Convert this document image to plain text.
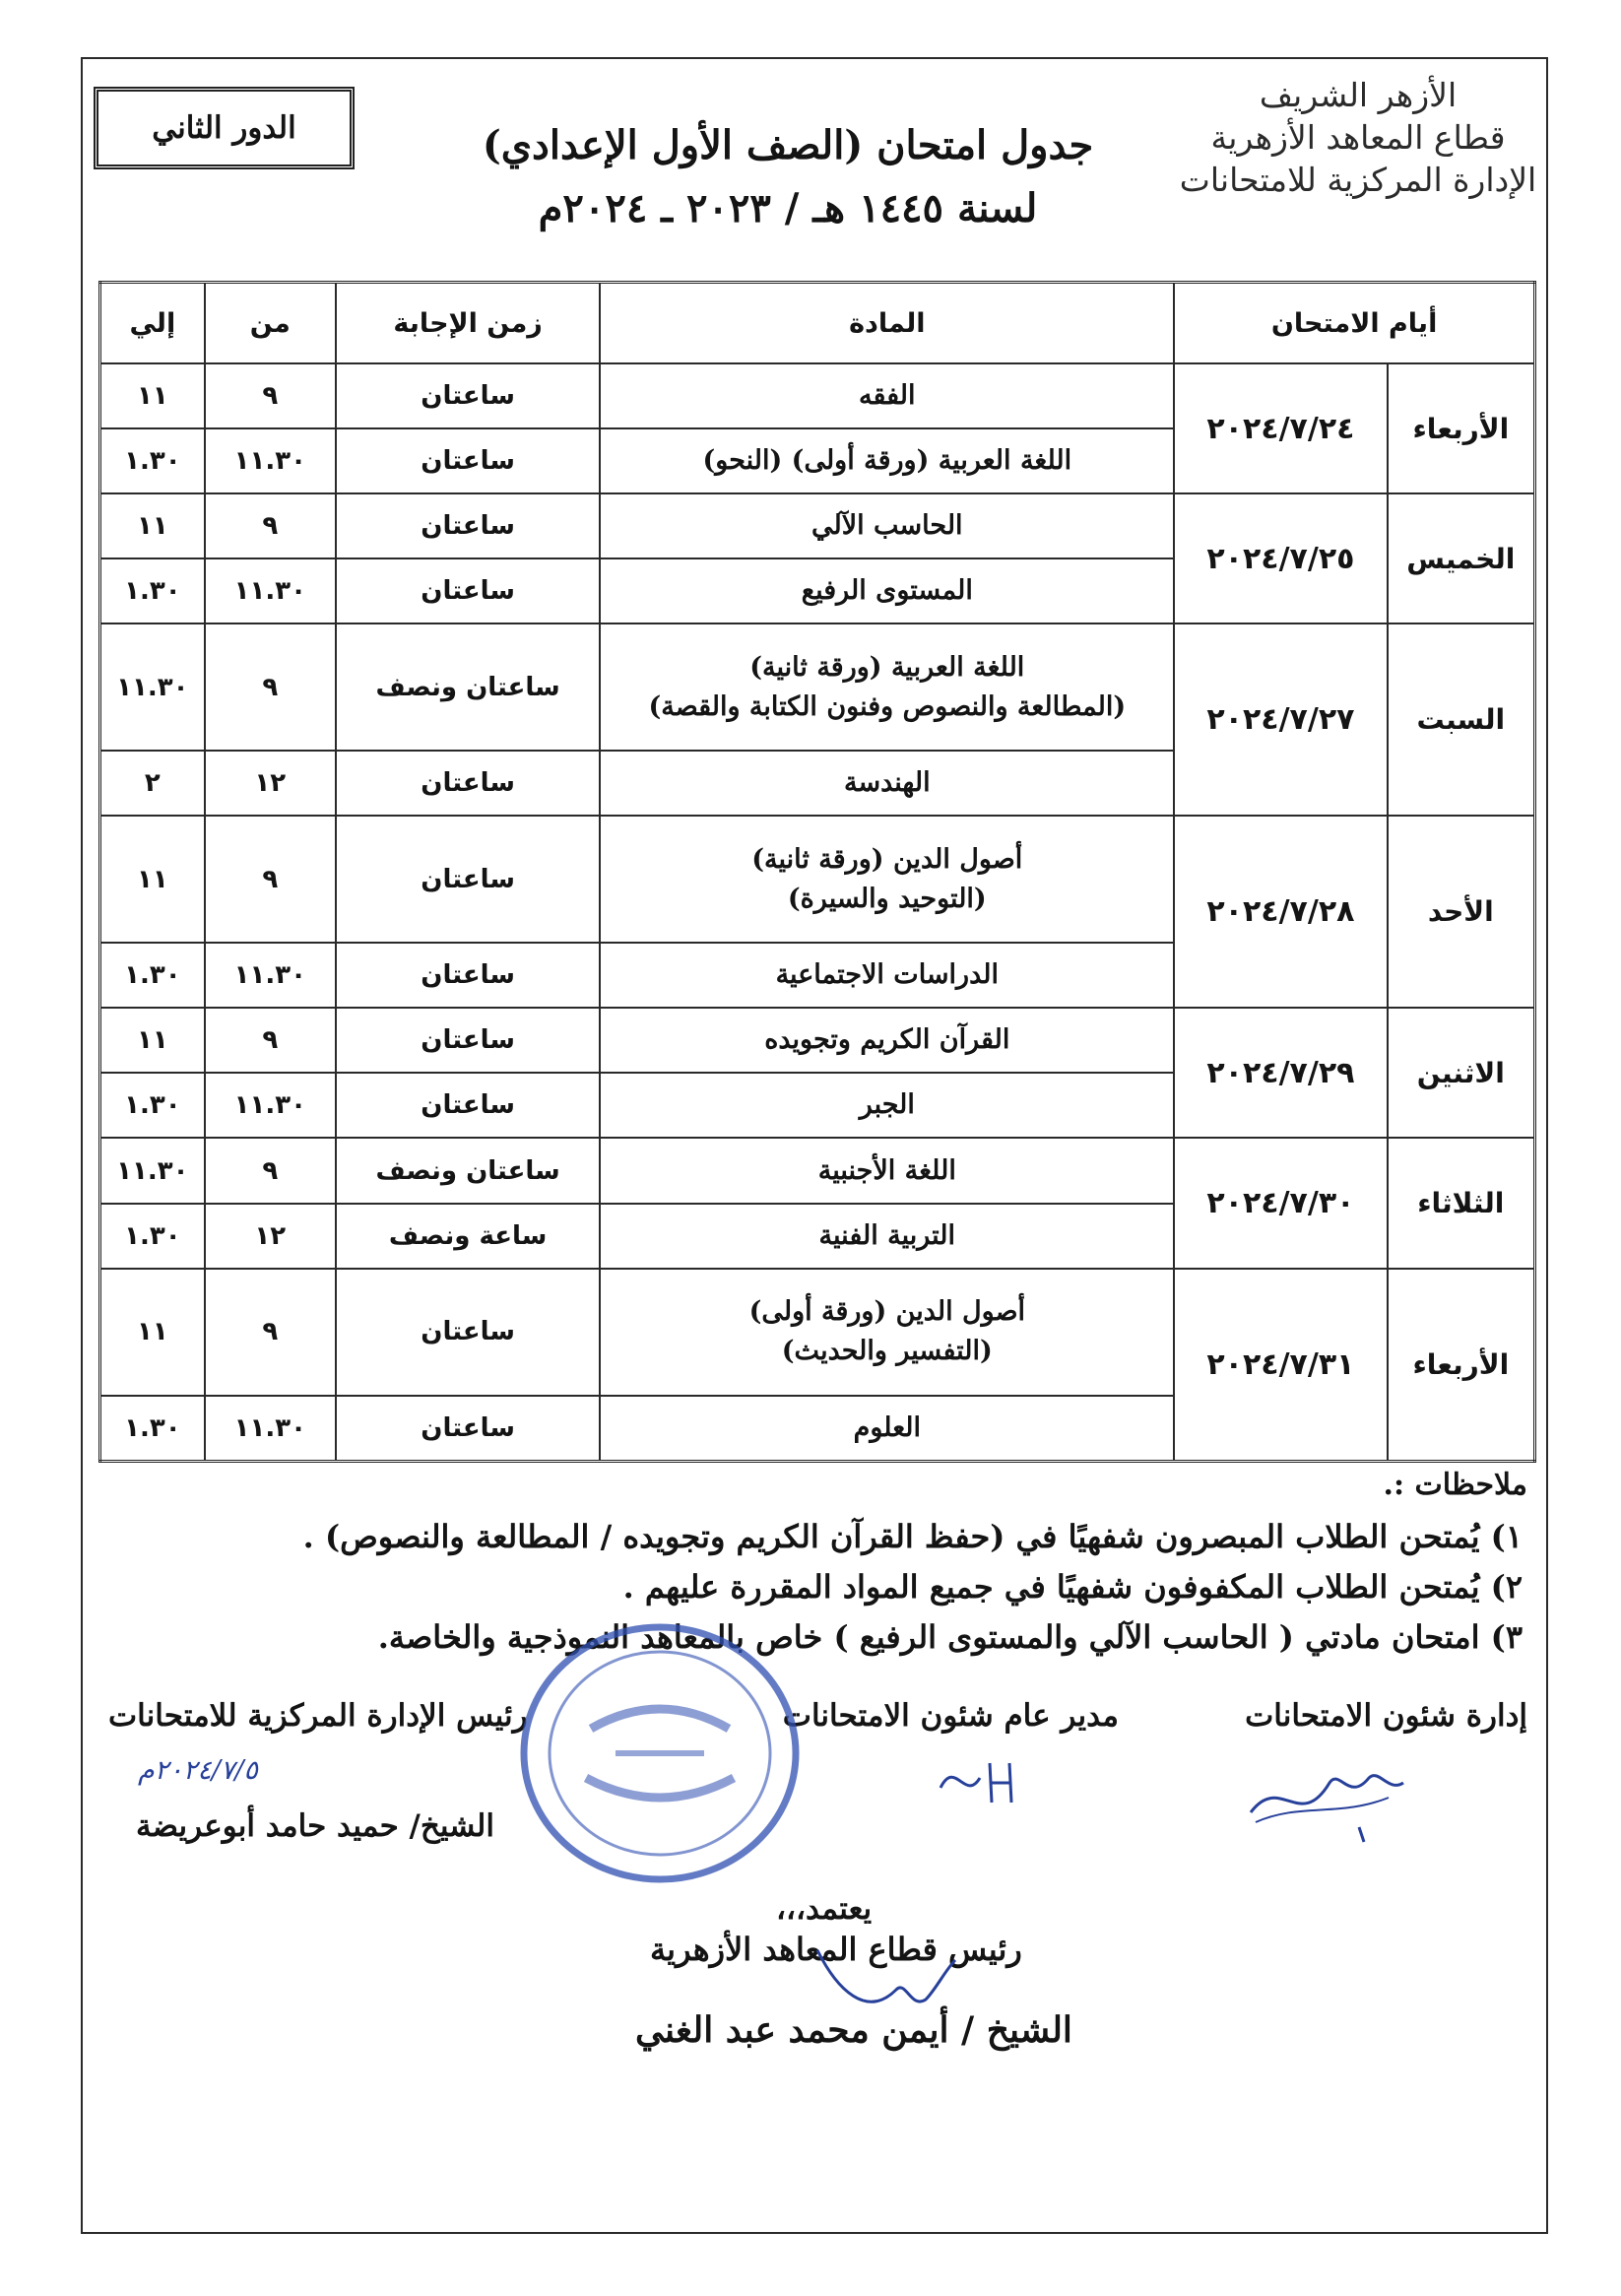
الدور الثاني
الأزهر الشريف
قطاع المعاهد الأزهرية
الإدارة المركزية للامتحانات
جدول امتحان (الصف الأول الإعدادي)
لسنة ١٤٤٥ هـ / ٢٠٢٣ ـ ٢٠٢٤م
أيام الامتحان		المادة	زمن الإجابة	من	إلي
الأربعاء	٢٠٢٤/٧/٢٤	الفقه	ساعتان	٩	١١

		اللغة العربية (ورقة أولى) (النحو)	ساعتان	١١.٣٠	١.٣٠
الخميس	٢٠٢٤/٧/٢٥	الحاسب الآلي	ساعتان	٩	١١

		المستوى الرفيع	ساعتان	١١.٣٠	١.٣٠
السبت	٢٠٢٤/٧/٢٧	اللغة العربية (ورقة ثانية)
(المطالعة والنصوص وفنون الكتابة والقصة)	ساعتان ونصف	٩	١١.٣٠

		الهندسة	ساعتان	١٢	٢
الأحد	٢٠٢٤/٧/٢٨	أصول الدين (ورقة ثانية)
(التوحيد والسيرة)	ساعتان	٩	١١

		الدراسات الاجتماعية	ساعتان	١١.٣٠	١.٣٠
الاثنين	٢٠٢٤/٧/٢٩	القرآن الكريم وتجويده	ساعتان	٩	١١

		الجبر	ساعتان	١١.٣٠	١.٣٠
الثلاثاء	٢٠٢٤/٧/٣٠	اللغة الأجنبية	ساعتان ونصف	٩	١١.٣٠

		التربية الفنية	ساعة ونصف	١٢	١.٣٠
الأربعاء	٢٠٢٤/٧/٣١	أصول الدين (ورقة أولى)
(التفسير والحديث)	ساعتان	٩	١١

		العلوم	ساعتان	١١.٣٠	١.٣٠
ملاحظات :.
١) يُمتحن الطلاب المبصرون شفهيًا في (حفظ القرآن الكريم وتجويده / المطالعة والنصوص) .
٢) يُمتحن الطلاب المكفوفون شفهيًا في جميع المواد المقررة عليهم .
٣) امتحان مادتي ( الحاسب الآلي والمستوى الرفيع ) خاص بالمعاهد النموذجية والخاصة.
إدارة شئون الامتحانات
مدير عام شئون الامتحانات
رئيس الإدارة المركزية للامتحانات
٢٠٢٤/٧/٥م
الشيخ/ حميد حامد أبوعريضة
يعتمد،،،
رئيس قطاع المعاهد الأزهرية
الشيخ / أيمن محمد عبد الغني
